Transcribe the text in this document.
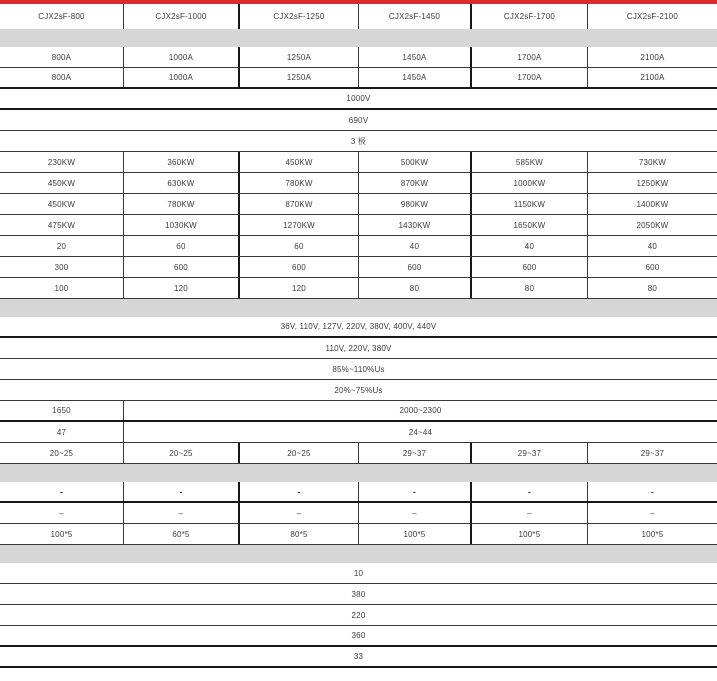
CJX2sF-800	CJX2sF-1000	CJX2sF-1250	CJX2sF-1450	CJX2sF-1700	CJX2sF-2100
800A	1000A	1250A	1450A	1700A	2100A
800A	1000A	1250A	1450A	1700A	2100A
1000V
690V
3 极
230KW	360KW	450KW	500KW	585KW	730KW
450KW	630KW	780KW	870KW	1000KW	1250KW
450KW	780KW	870KW	980KW	1150KW	1400KW
475KW	1030KW	1270KW	1430KW	1650KW	2050KW
20	60	60	40	40	40
300	600	600	600	600	600
100	120	120	80	80	80
36V, 110V, 127V, 220V, 380V, 400V, 440V
110V, 220V, 380V
85%~110%Us
20%~75%Us
1650	2000~2300
47	24~44
20~25	20~25	20~25	29~37	29~37	29~37
-	-	-	-	-	-
–	–	–	–	–	–
100*5	60*5	80*5	100*5	100*5	100*5
10
380
220
360
33
